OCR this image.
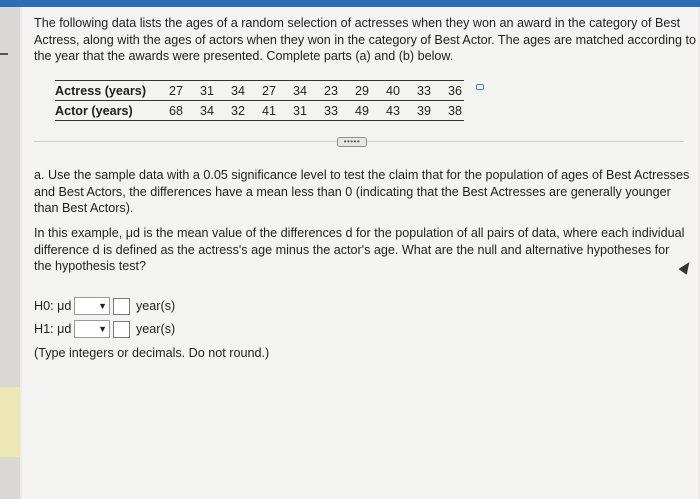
The following data lists the ages of a random selection of actresses when they won an award in the category of Best Actress, along with the ages of actors when they won in the category of Best Actor. The ages are matched according to the year that the awards were presented. Complete parts (a) and (b) below.
Actress (years)	27	31	34	27	34	23	29	40	33	36
Actor (years)	68	34	32	41	31	33	49	43	39	38
•••••
a. Use the sample data with a 0.05 significance level to test the claim that for the population of ages of Best Actresses and Best Actors, the differences have a mean less than 0 (indicating that the Best Actresses are generally younger than Best Actors).
In this example, μd is the mean value of the differences d for the population of all pairs of data, where each individual difference d is defined as the actress's age minus the actor's age. What are the null and alternative hypotheses for the hypothesis test?
H0: μd	▼ year(s)
H1: μd	▼ year(s)
(Type integers or decimals. Do not round.)
